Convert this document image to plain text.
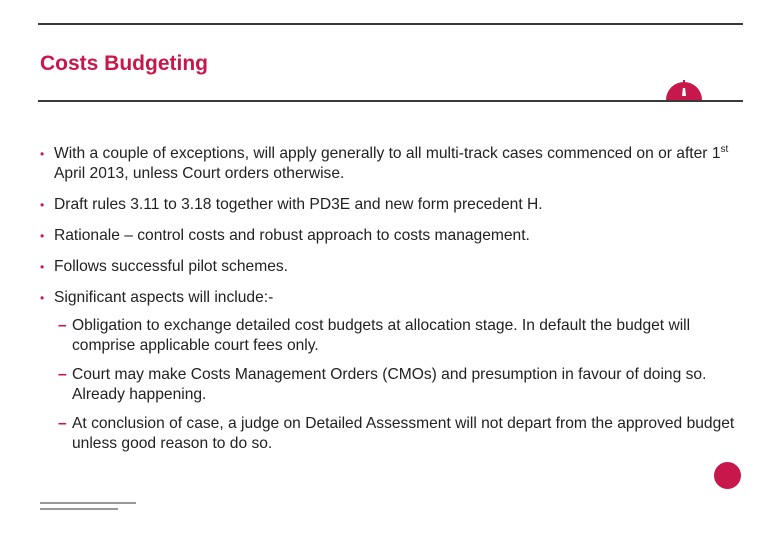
Costs Budgeting
• With a couple of exceptions, will apply generally to all multi-track cases commenced on or after 1st April 2013, unless Court orders otherwise.
• Draft rules 3.11 to 3.18 together with PD3E and new form precedent H.
• Rationale – control costs and robust approach to costs management.
• Follows successful pilot schemes.
• Significant aspects will include:-
– Obligation to exchange detailed cost budgets at allocation stage. In default the budget will comprise applicable court fees only.
– Court may make Costs Management Orders (CMOs) and presumption in favour of doing so. Already happening.
– At conclusion of case, a judge on Detailed Assessment will not depart from the approved budget unless good reason to do so.
